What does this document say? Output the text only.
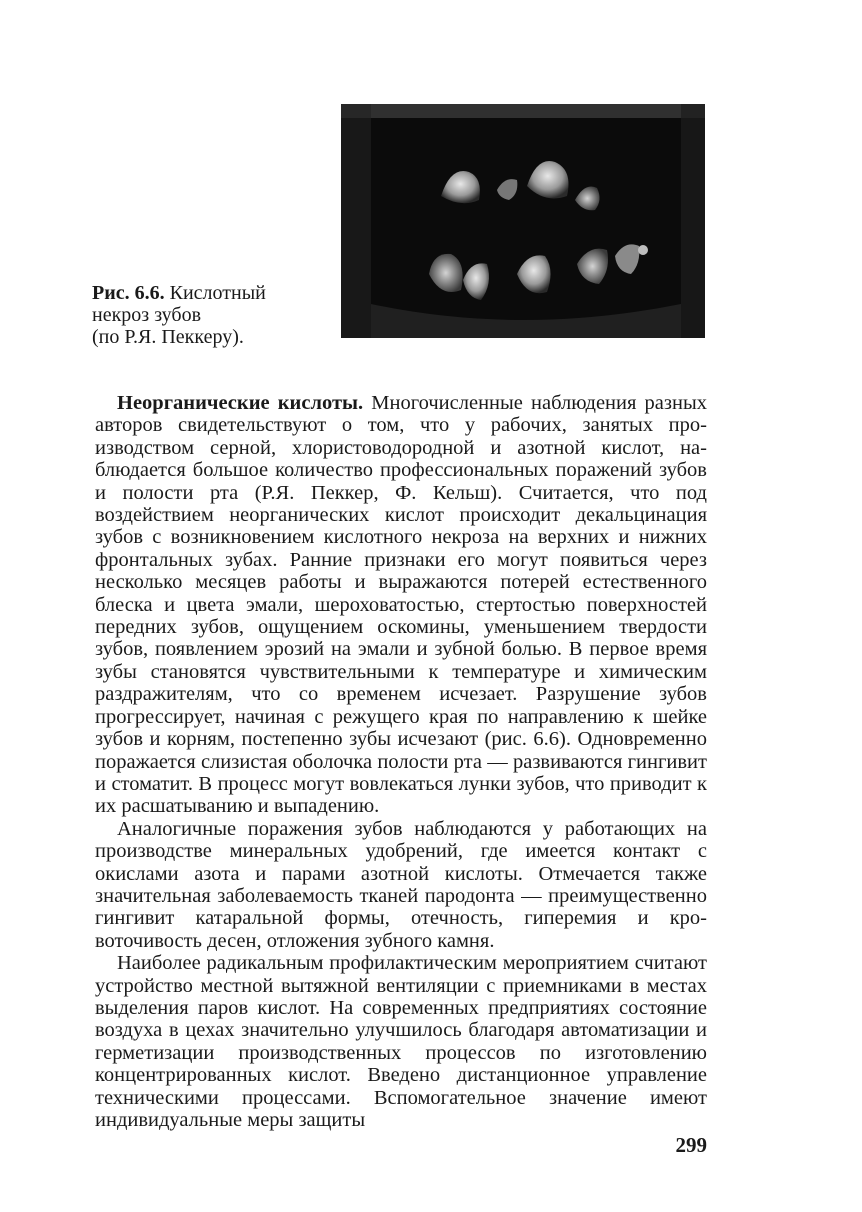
Рис. 6.6. Кислотный
некроз зубов
(по Р.Я. Пеккеру).

Неорганические кислоты. Многочисленные наблюдения разных авторов свидетельствуют о том, что у рабочих, занятых производством серной, хлористоводородной и азотной кислот, наблюдается большое количество профессиональных поражений зубов и полости рта (Р.Я. Пеккер, Ф. Кельш). Считается, что под воздействием неорганических кислот происходит декальцинация зубов с возникновением кислотного некроза на верхних и нижних фронтальных зубах. Ранние признаки его могут появиться через несколько месяцев работы и выражаются потерей естественного блеска и цвета эмали, шероховатостью, стертостью поверхностей передних зубов, ощущением оскомины, уменьшением твердости зубов, появлением эрозий на эмали и зубной болью. В первое время зубы становятся чувствительными к температуре и химическим раздражителям, что со временем исчезает. Разрушение зубов прогрессирует, начиная с режущего края по направлению к шейке зубов и корням, постепенно зубы исчезают (рис. 6.6). Одновременно поражается слизистая оболочка полости рта — развиваются гингивит и стоматит. В процесс могут вовлекаться лунки зубов, что приводит к их расшатыванию и выпадению.

Аналогичные поражения зубов наблюдаются у работающих на производстве минеральных удобрений, где имеется контакт с окислами азота и парами азотной кислоты. Отмечается также значительная заболеваемость тканей пародонта — преимущественно гингивит катаральной формы, отечность, гиперемия и кровоточивость десен, отложения зубного камня.

Наиболее радикальным профилактическим мероприятием считают устройство местной вытяжной вентиляции с приемниками в местах выделения паров кислот. На современных предприятиях состояние воздуха в цехах значительно улучшилось благодаря автоматизации и герметизации производственных процессов по изготовлению концентрированных кислот. Введено дистанционное управление техническими процессами. Вспомогательное значение имеют индивидуальные меры защиты

299
